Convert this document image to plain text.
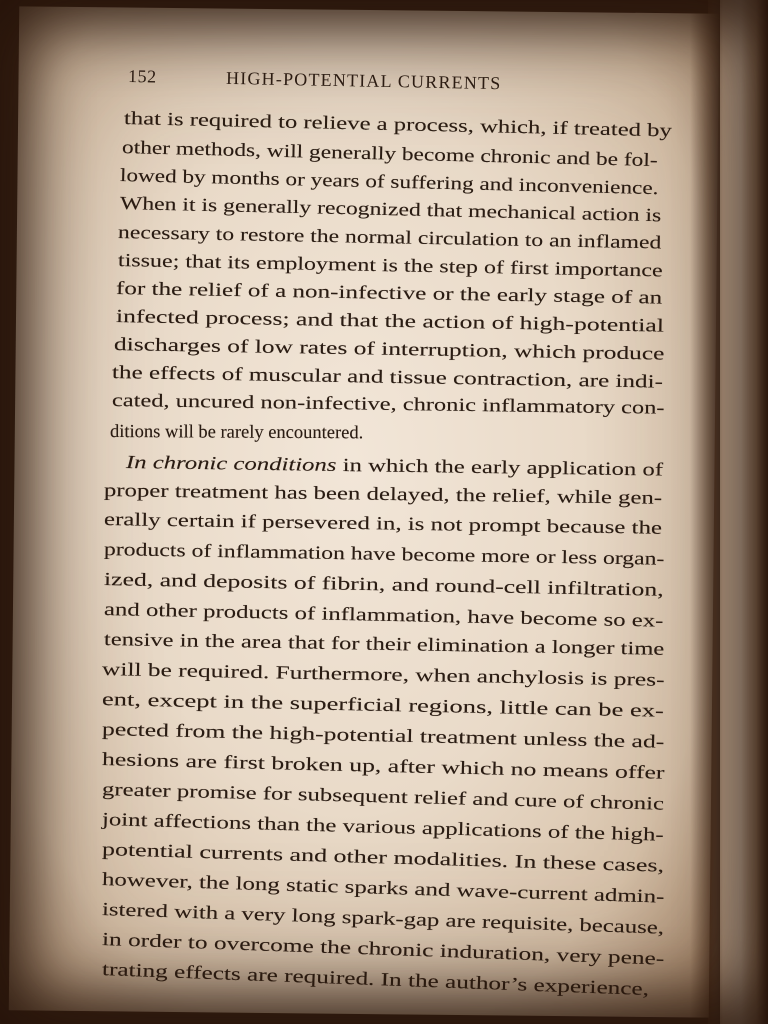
152	HIGH-POTENTIAL CURRENTS
that is required to relieve a process, which, if treated by
other methods, will generally become chronic and be fol-
lowed by months or years of suffering and inconvenience.
When it is generally recognized that mechanical action is
necessary to restore the normal circulation to an inflamed
tissue; that its employment is the step of first importance
for the relief of a non-infective or the early stage of an
infected process; and that the action of high-potential
discharges of low rates of interruption, which produce
the effects of muscular and tissue contraction, are indi-
cated, uncured non-infective, chronic inflammatory con-
ditions will be rarely encountered.
In chronic conditions in which the early application of
proper treatment has been delayed, the relief, while gen-
erally certain if persevered in, is not prompt because the
products of inflammation have become more or less organ-
ized, and deposits of fibrin, and round-cell infiltration,
and other products of inflammation, have become so ex-
tensive in the area that for their elimination a longer time
will be required. Furthermore, when anchylosis is pres-
ent, except in the superficial regions, little can be ex-
pected from the high-potential treatment unless the ad-
hesions are first broken up, after which no means offer
greater promise for subsequent relief and cure of chronic
joint affections than the various applications of the high-
potential currents and other modalities. In these cases,
however, the long static sparks and wave-current admin-
istered with a very long spark-gap are requisite, because,
in order to overcome the chronic induration, very pene-
trating effects are required. In the author’s experience,
